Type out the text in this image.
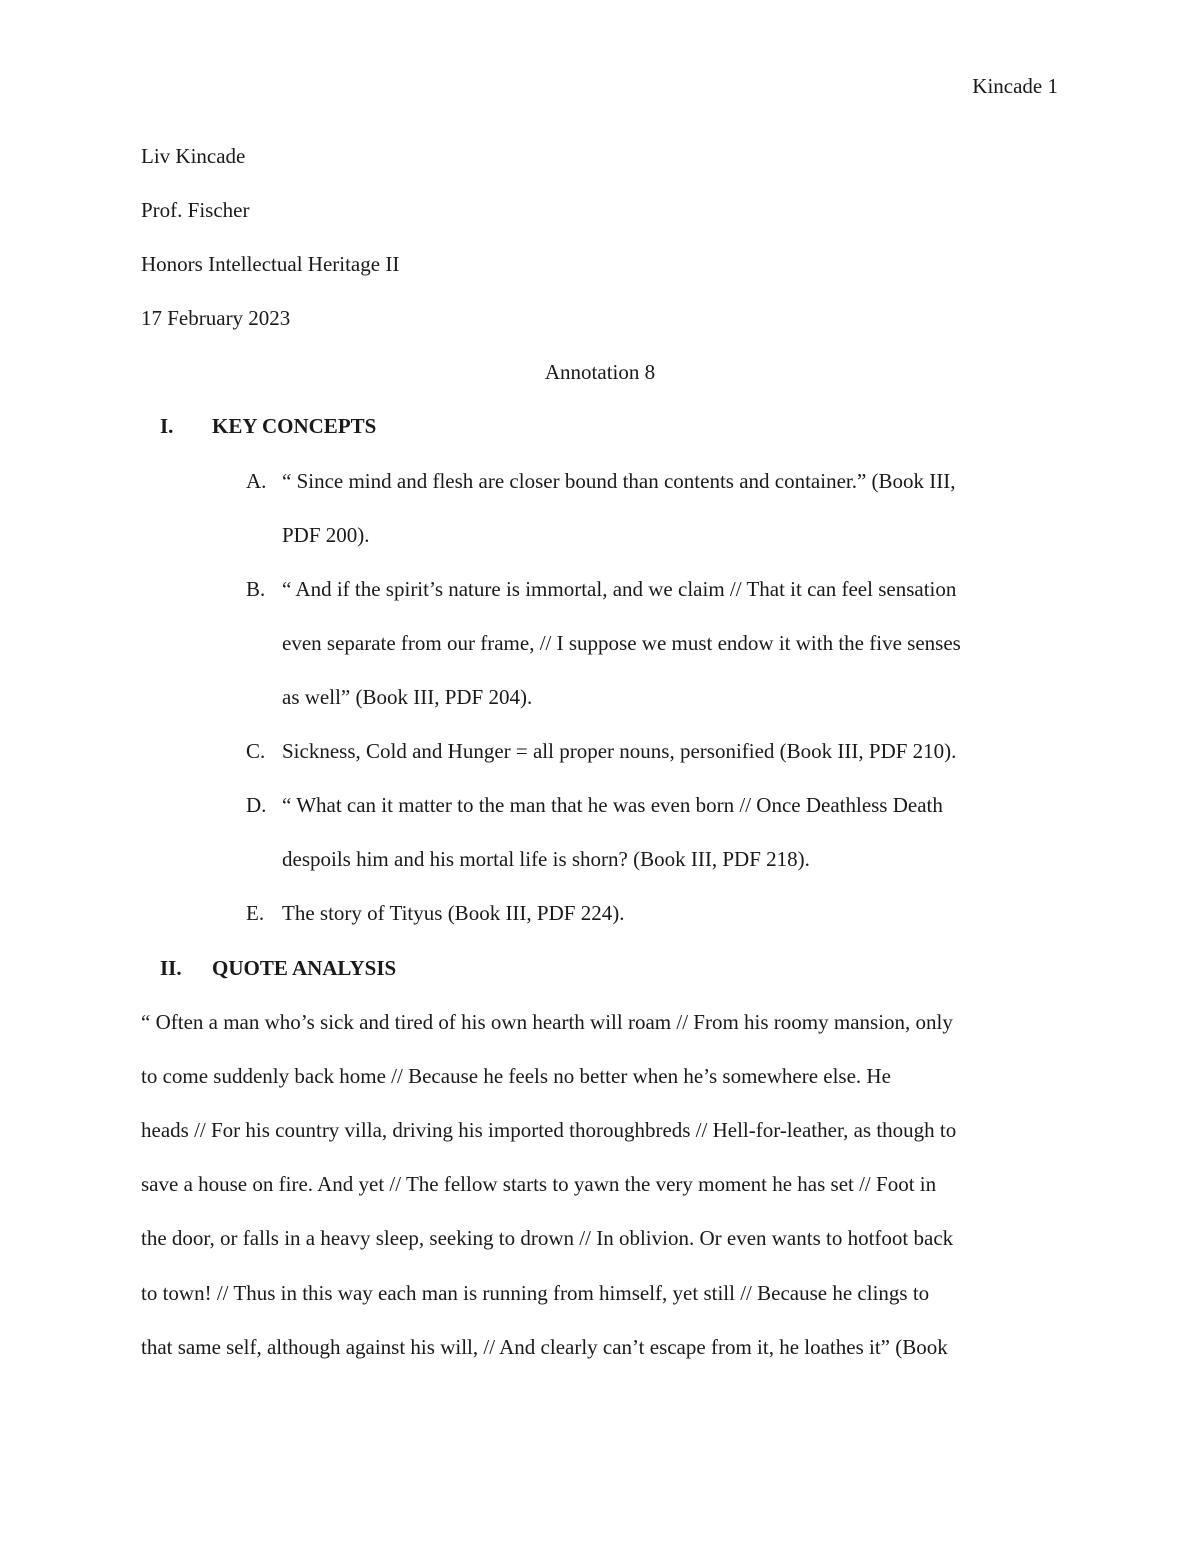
Kincade 1
Liv Kincade
Prof. Fischer
Honors Intellectual Heritage II
17 February 2023
Annotation 8
I. KEY CONCEPTS
A. “ Since mind and flesh are closer bound than contents and container.” (Book III,
PDF 200).
B. “ And if the spirit’s nature is immortal, and we claim // That it can feel sensation
even separate from our frame, // I suppose we must endow it with the five senses
as well” (Book III, PDF 204).
C. Sickness, Cold and Hunger = all proper nouns, personified (Book III, PDF 210).
D. “ What can it matter to the man that he was even born // Once Deathless Death
despoils him and his mortal life is shorn? (Book III, PDF 218).
E. The story of Tityus (Book III, PDF 224).
II. QUOTE ANALYSIS
“ Often a man who’s sick and tired of his own hearth will roam // From his roomy mansion, only
to come suddenly back home // Because he feels no better when he’s somewhere else. He
heads // For his country villa, driving his imported thoroughbreds // Hell-for-leather, as though to
save a house on fire. And yet // The fellow starts to yawn the very moment he has set // Foot in
the door, or falls in a heavy sleep, seeking to drown // In oblivion. Or even wants to hotfoot back
to town! // Thus in this way each man is running from himself, yet still // Because he clings to
that same self, although against his will, // And clearly can’t escape from it, he loathes it” (Book
